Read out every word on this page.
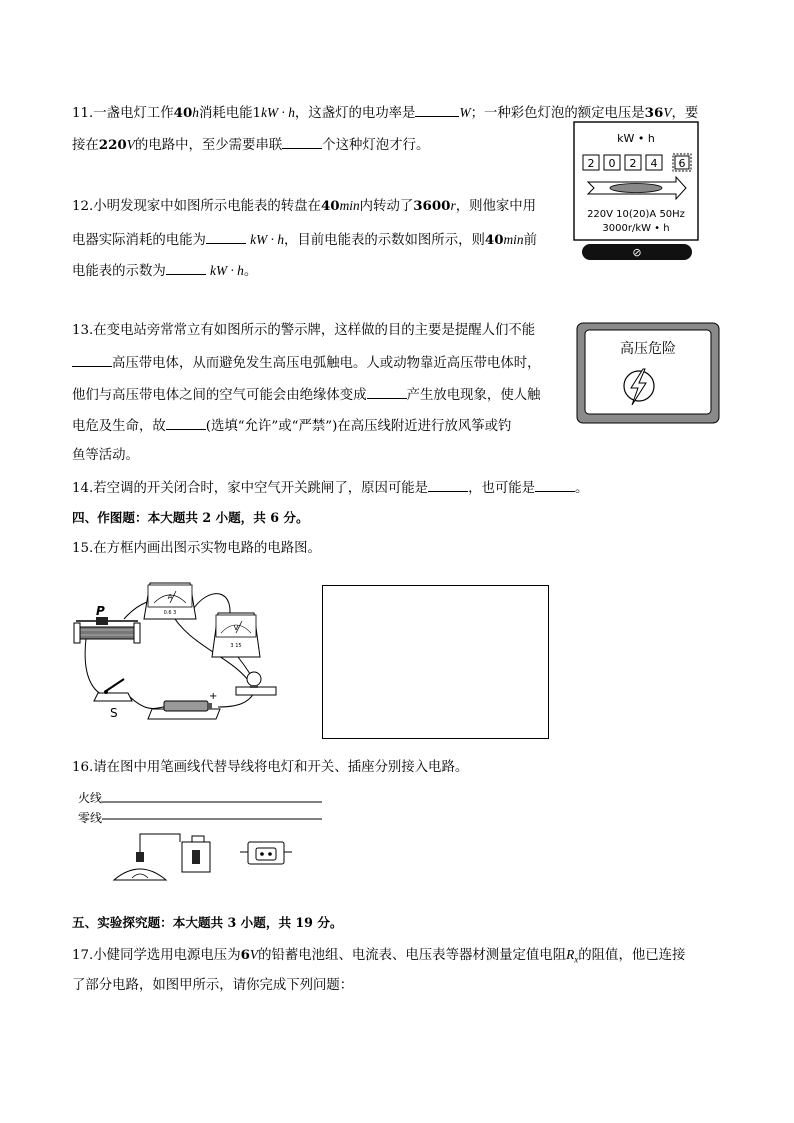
11.一盏电灯工作40h消耗电能1kW · h，这盏灯的电功率是	W；一种彩色灯泡的额定电压是36V，要
接在220V的电路中，至少需要串联	个这种灯泡才行。	kW • h
2 0 2 4 6
220V 10(20)A 50Hz
3000r/kW • h
⊘
12.小明发现家中如图所示电能表的转盘在40min内转动了3600r，则他家中用
电器实际消耗的电能为	kW · h，目前电能表的示数如图所示，则40min前
电能表的示数为	kW · h。
13.在变电站旁常常立有如图所示的警示牌，这样做的目的主要是提醒人们不能
高压带电体，从而避免发生高压电弧触电。人或动物靠近高压带电体时，
他们与高压带电体之间的空气可能会由绝缘体变成	产生放电现象，使人触
电危及生命，故	(选填“允许”或“严禁”)在高压线附近进行放风筝或钓
鱼等活动。
高压危险
14.若空调的开关闭合时，家中空气开关跳闸了，原因可能是	，也可能是	。
四、作图题：本大题共 2 小题，共 6 分。
15.在方框内画出图示实物电路的电路图。
P
A
0.6 3
V
3 15
S
+
16.请在图中用笔画线代替导线将电灯和开关、插座分别接入电路。
火线
零线
五、实验探究题：本大题共 3 小题，共 19 分。
17.小健同学选用电源电压为6V的铅蓄电池组、电流表、电压表等器材测量定值电阻$R_x$的阻值，他已连接
了部分电路，如图甲所示，请你完成下列问题：
